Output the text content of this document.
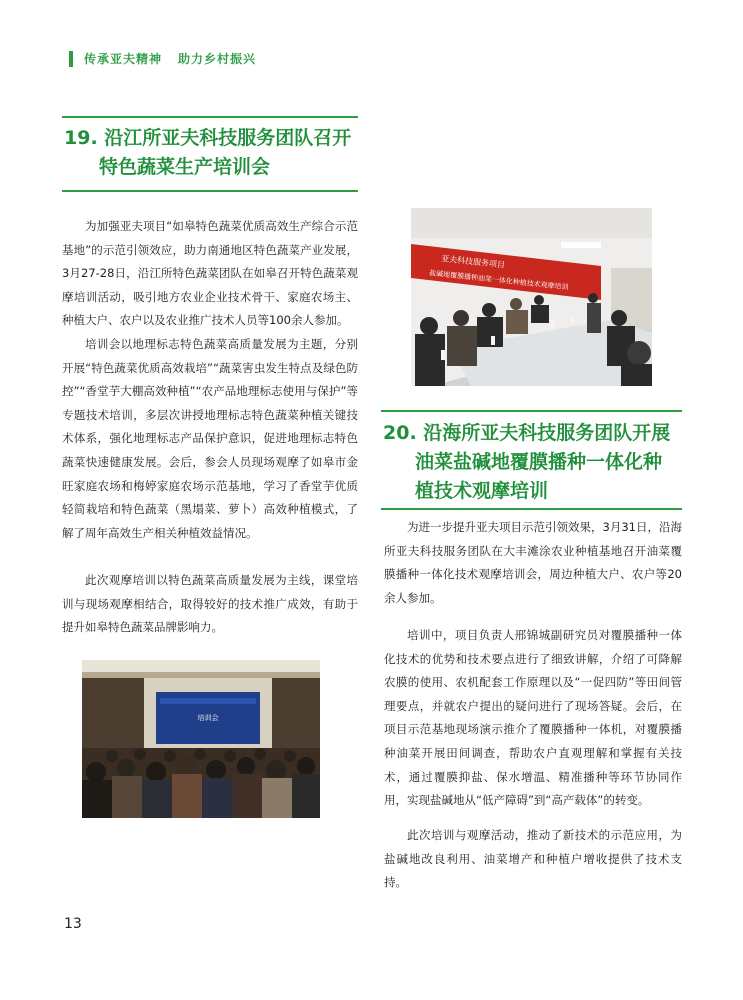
传承亚夫精神 助力乡村振兴
19. 沿江所亚夫科技服务团队召开
特色蔬菜生产培训会

为加强亚夫项目“如皋特色蔬菜优质高效生产综合示范基地”的示范引领效应，助力南通地区特色蔬菜产业发展，3月27-28日，沿江所特色蔬菜团队在如皋召开特色蔬菜观摩培训活动，吸引地方农业企业技术骨干、家庭农场主、种植大户、农户以及农业推广技术人员等100余人参加。

培训会以地理标志特色蔬菜高质量发展为主题，分别开展“特色蔬菜优质高效栽培”“蔬菜害虫发生特点及绿色防控”“香堂芋大棚高效种植”“农产品地理标志使用与保护”等专题技术培训，多层次讲授地理标志特色蔬菜种植关键技术体系，强化地理标志产品保护意识，促进地理标志特色蔬菜快速健康发展。会后，参会人员现场观摩了如皋市金旺家庭农场和梅婷家庭农场示范基地，学习了香堂芋优质轻简栽培和特色蔬菜（黑塌菜、萝卜）高效种植模式，了解了周年高效生产相关种植效益情况。

此次观摩培训以特色蔬菜高质量发展为主线，课堂培训与现场观摩相结合，取得较好的技术推广成效，有助于提升如皋特色蔬菜品牌影响力。

亚夫科技服务项目
盐碱地覆膜播种油菜一体化种植技术观摩培训
20. 沿海所亚夫科技服务团队开展
油菜盐碱地覆膜播种一体化种
植技术观摩培训

为进一步提升亚夫项目示范引领效果，3月31日，沿海所亚夫科技服务团队在大丰滩涂农业种植基地召开油菜覆膜播种一体化技术观摩培训会，周边种植大户、农户等20余人参加。

培训中，项目负责人邢锦城副研究员对覆膜播种一体化技术的优势和技术要点进行了细致讲解，介绍了可降解农膜的使用、农机配套工作原理以及“一促四防”等田间管理要点，并就农户提出的疑问进行了现场答疑。会后，在项目示范基地现场演示推介了覆膜播种一体机，对覆膜播种油菜开展田间调查，帮助农户直观理解和掌握有关技术，通过覆膜抑盐、保水增温、精准播种等环节协同作用，实现盐碱地从“低产障碍”到“高产载体”的转变。

此次培训与观摩活动，推动了新技术的示范应用，为盐碱地改良利用、油菜增产和种植户增收提供了技术支持。

培训会
13
